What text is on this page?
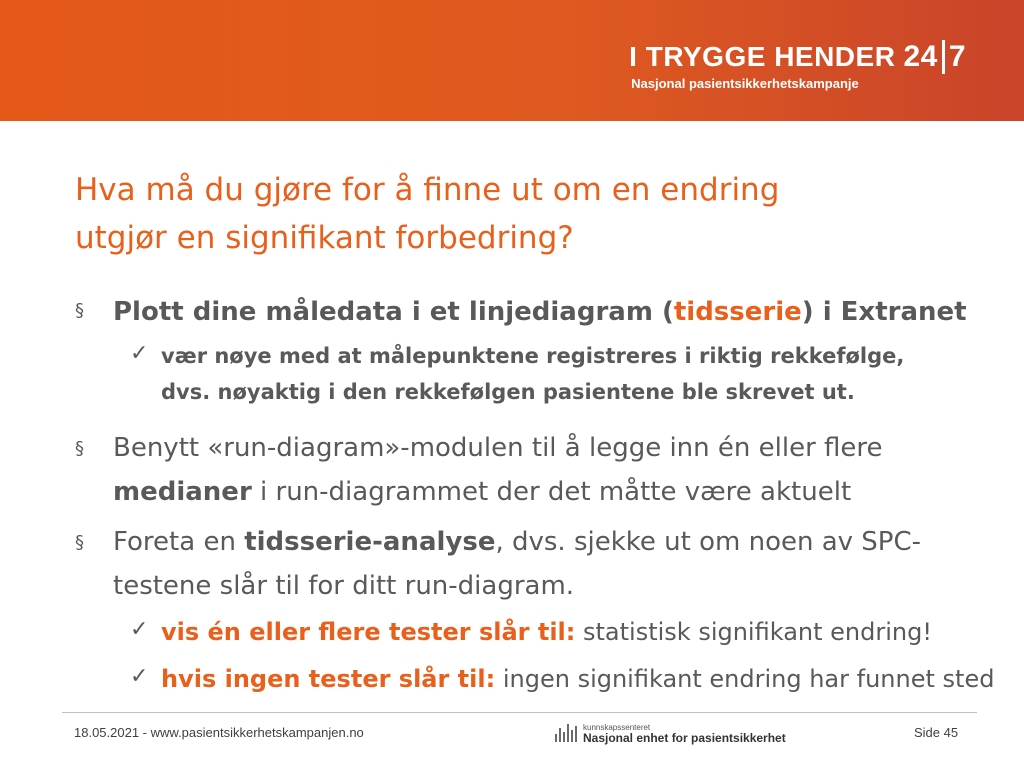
I TRYGGE HENDER 24 7
Nasjonal pasientsikkerhetskampanje
Hva må du gjøre for å finne ut om en endring
utgjør en signifikant forbedring?
§ Plott dine måledata i et linjediagram (tidsserie) i Extranet
✓ vær nøye med at målepunktene registreres i riktig rekkefølge,
dvs. nøyaktig i den rekkefølgen pasientene ble skrevet ut.
§ Benytt «run-diagram»-modulen til å legge inn én eller flere
medianer i run-diagrammet der det måtte være aktuelt
§ Foreta en tidsserie-analyse, dvs. sjekke ut om noen av SPC-
testene slår til for ditt run-diagram.
✓ vis én eller flere tester slår til: statistisk signifikant endring!
✓ hvis ingen tester slår til: ingen signifikant endring har funnet sted
18.05.2021 - www.pasientsikkerhetskampanjen.no	kunnskapssenteret
Nasjonal enhet for pasientsikkerhet	Side 45
